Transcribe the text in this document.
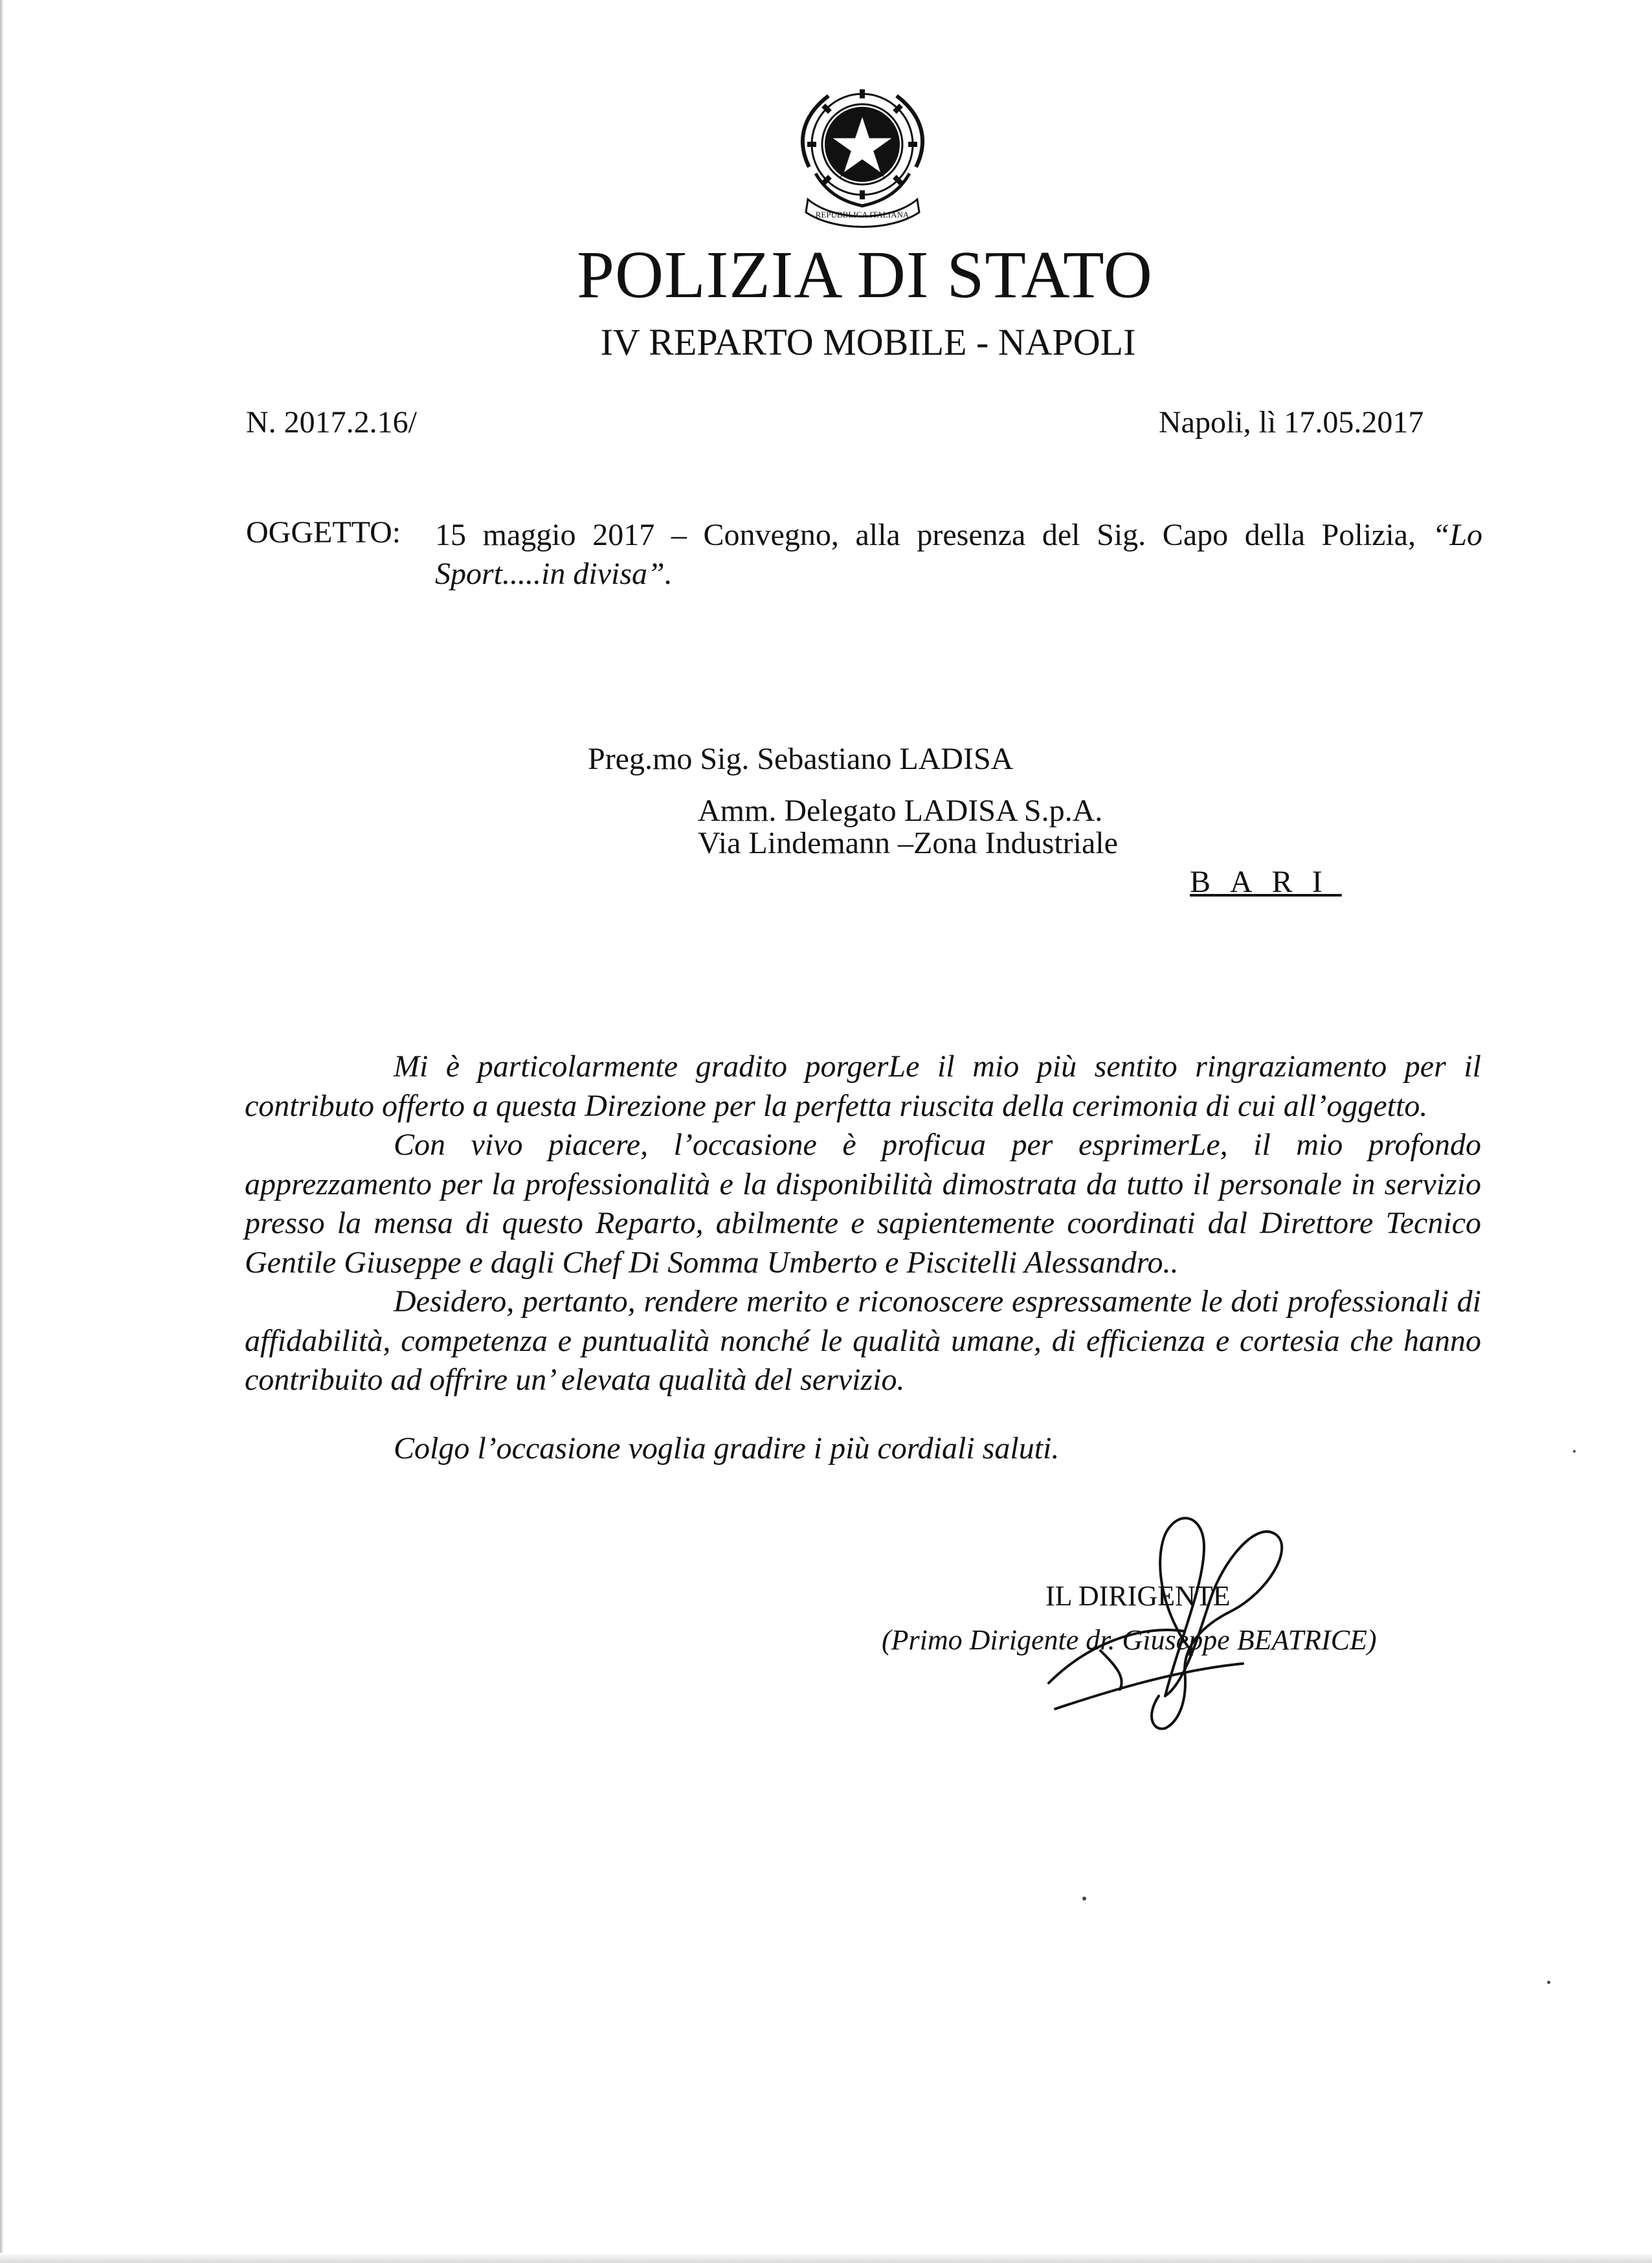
REPUBBLICA ITALIANA
POLIZIA DI STATO
IV REPARTO MOBILE - NAPOLI
N. 2017.2.16/	Napoli, lì 17.05.2017
OGGETTO: 15 maggio 2017 – Convegno, alla presenza del Sig. Capo della Polizia, “Lo
Sport.....in divisa”.
Preg.mo Sig. Sebastiano LADISA
Amm. Delegato LADISA S.p.A.
Via Lindemann –Zona Industriale
BARI

Mi è particolarmente gradito porgerLe il mio più sentito ringraziamento per il contributo offerto a questa Direzione per la perfetta riuscita della cerimonia di cui all’oggetto.

Con vivo piacere, l’occasione è proficua per esprimerLe, il mio profondo apprezzamento per la professionalità e la disponibilità dimostrata da tutto il personale in servizio presso la mensa di questo Reparto, abilmente e sapientemente coordinati dal Direttore Tecnico Gentile Giuseppe e dagli Chef Di Somma Umberto e Piscitelli Alessandro..

Desidero, pertanto, rendere merito e riconoscere espressamente le doti professionali di affidabilità, competenza e puntualità nonché le qualità umane, di efficienza e cortesia che hanno contribuito ad offrire un’ elevata qualità del servizio.

Colgo l’occasione voglia gradire i più cordiali saluti.
IL DIRIGENTE
(Primo Dirigente dr. Giuseppe BEATRICE)
